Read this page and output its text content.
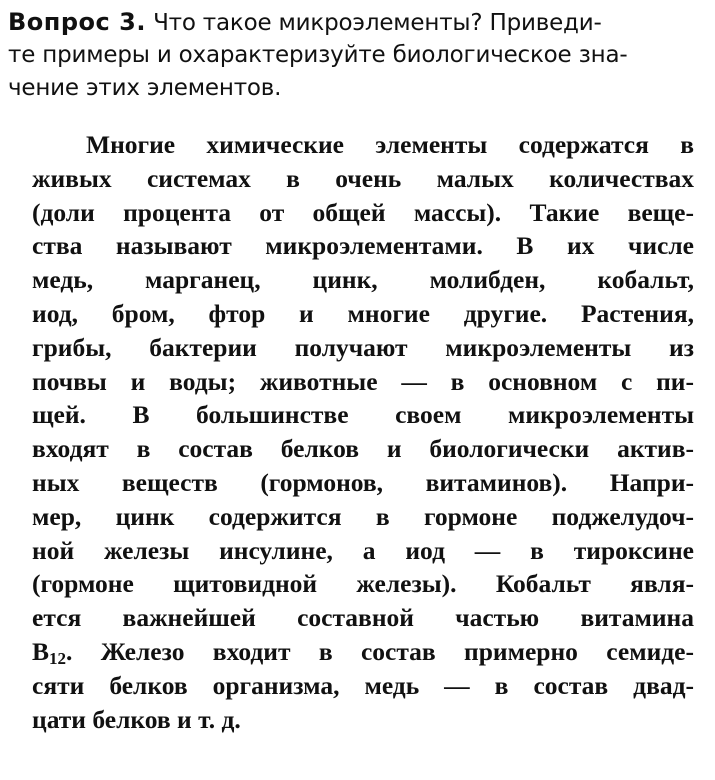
Вопрос 3. Что такое микроэлементы? Приведи-
те примеры и охарактеризуйте биологическое зна-
чение этих элементов.
Многие химические элементы содержатся в
живых системах в очень малых количествах
(доли процента от общей массы). Такие веще-
ства называют микроэлементами. В их числе
медь, марганец, цинк, молибден, кобальт,
иод, бром, фтор и многие другие. Растения,
грибы, бактерии получают микроэлементы из
почвы и воды; животные — в основном с пи-
щей. В большинстве своем микроэлементы
входят в состав белков и биологически актив-
ных веществ (гормонов, витаминов). Напри-
мер, цинк содержится в гормоне поджелудоч-
ной железы инсулине, а иод — в тироксине
(гормоне щитовидной железы). Кобальт явля-
ется важнейшей составной частью витамина
$B_{12}$. Железо входит в состав примерно семиде-
сяти белков организма, медь — в состав двад-
цати белков и т. д.
